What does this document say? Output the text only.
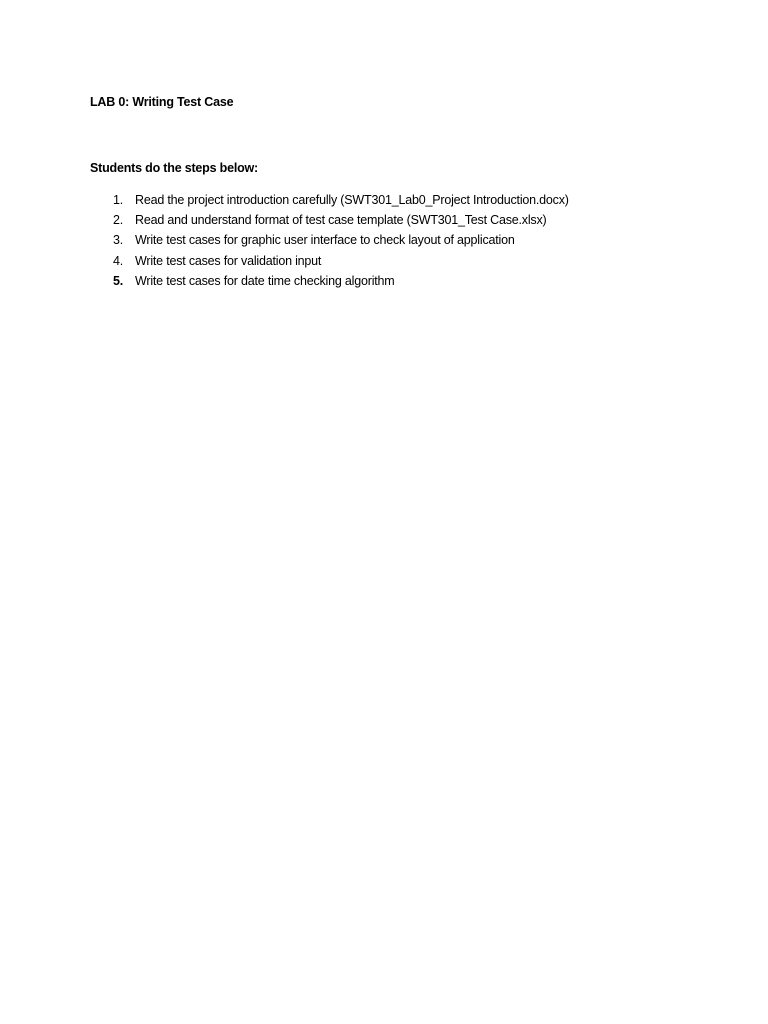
LAB 0: Writing Test Case
Students do the steps below:
1. Read the project introduction carefully (SWT301_Lab0_Project Introduction.docx)
2. Read and understand format of test case template (SWT301_Test Case.xlsx)
3. Write test cases for graphic user interface to check layout of application
4. Write test cases for validation input
5. Write test cases for date time checking algorithm
